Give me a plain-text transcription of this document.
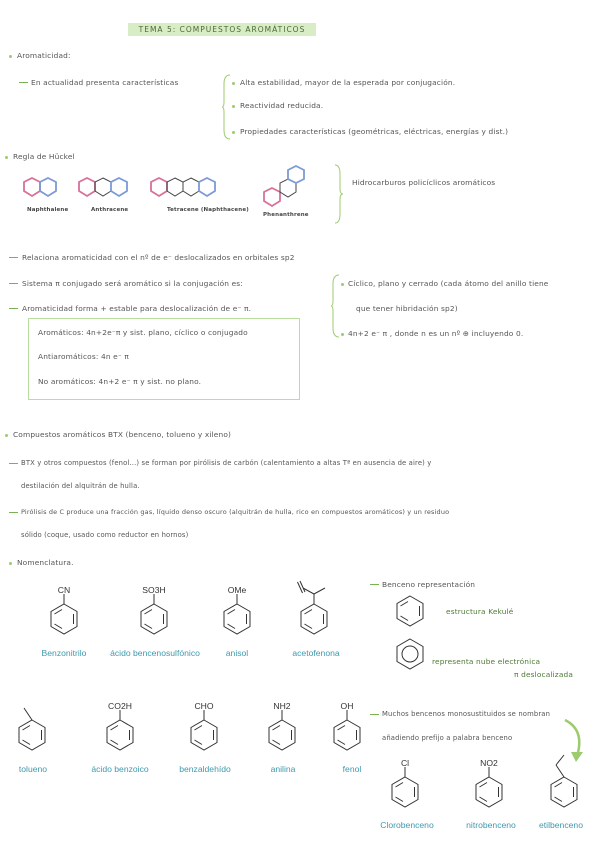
TEMA 5: COMPUESTOS AROMÁTICOS
Aromaticidad:
En actualidad presenta características	Alta estabilidad, mayor de la esperada por conjugación.
Reactividad reducida.
Propiedades características (geométricas, eléctricas, energías y dist.)
Regla de Hückel
Naphthalene	Anthracene	Tetracene (Naphthacene)
Phenanthrene
Hidrocarburos policíclicos aromáticos
Relaciona aromaticidad con el nº de e⁻ deslocalizados en orbitales sp2
Sistema π conjugado será aromático si la conjugación es:
Aromaticidad forma + estable para deslocalización de e⁻ π.
Cíclico, plano y cerrado (cada átomo del anillo tiene
que tener hibridación sp2)
4n+2 e⁻ π , donde n es un nº ⊕ incluyendo 0.
Aromáticos: 4n+2e⁻π y sist. plano, cíclico o conjugado
Antiaromáticos: 4n e⁻ π
No aromáticos: 4n+2 e⁻ π y sist. no plano.
Compuestos aromáticos BTX (benceno, tolueno y xileno)
BTX y otros compuestos (fenol...) se forman por pirólisis de carbón (calentamiento a altas Tª en ausencia de aire) y
destilación del alquitrán de hulla.
Pirólisis de C produce una fracción gas, líquido denso oscuro (alquitrán de hulla, rico en compuestos aromáticos) y un residuo
sólido (coque, usado como reductor en hornos)
Nomenclatura.
CN	SO3H	OMe
CO2H	CHO	NH2	OH
Cl	NO2
Benzonitrilo	ácido bencenosulfónico	anisol	acetofenona
tolueno	ácido benzoico	benzaldehído	anilina	fenol
Clorobenceno	nitrobenceno	etilbenceno
Benceno representación
estructura Kekulé
representa nube electrónica
π deslocalizada
Muchos bencenos monosustituidos se nombran
añadiendo prefijo a palabra benceno
